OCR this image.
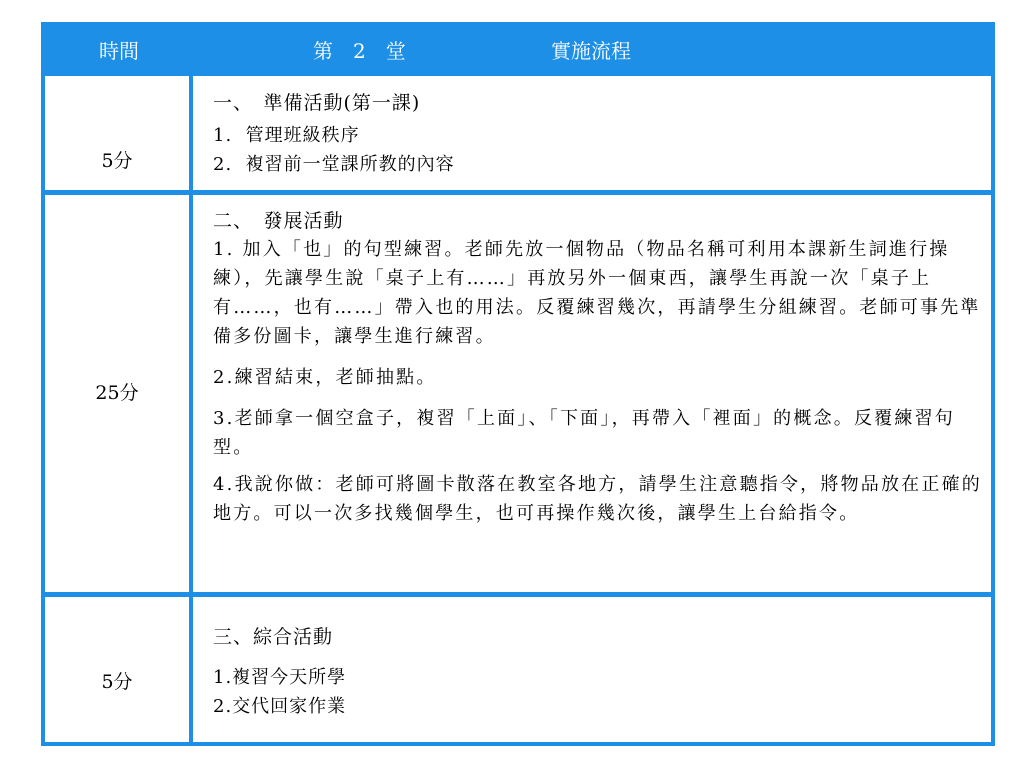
時間

	第　2　堂

	實施流程

5分
一、　準備活動(第一課)
1.  管理班級秩序
2.  複習前一堂課所教的內容
25分
二、　發展活動
1. 加入「也」的句型練習。老師先放一個物品（物品名稱可利用本課新生詞進行操練），先讓學生說「桌子上有……」再放另外一個東西，讓學生再說一次「桌子上有……，也有……」帶入也的用法。反覆練習幾次，再請學生分組練習。老師可事先準備多份圖卡，讓學生進行練習。
2.練習結束，老師抽點。
3.老師拿一個空盒子，複習「上面」、「下面」，再帶入「裡面」的概念。反覆練習句型。
4.我說你做：老師可將圖卡散落在教室各地方，請學生注意聽指令，將物品放在正確的地方。可以一次多找幾個學生，也可再操作幾次後，讓學生上台給指令。
5分
三、綜合活動
1.複習今天所學
2.交代回家作業
